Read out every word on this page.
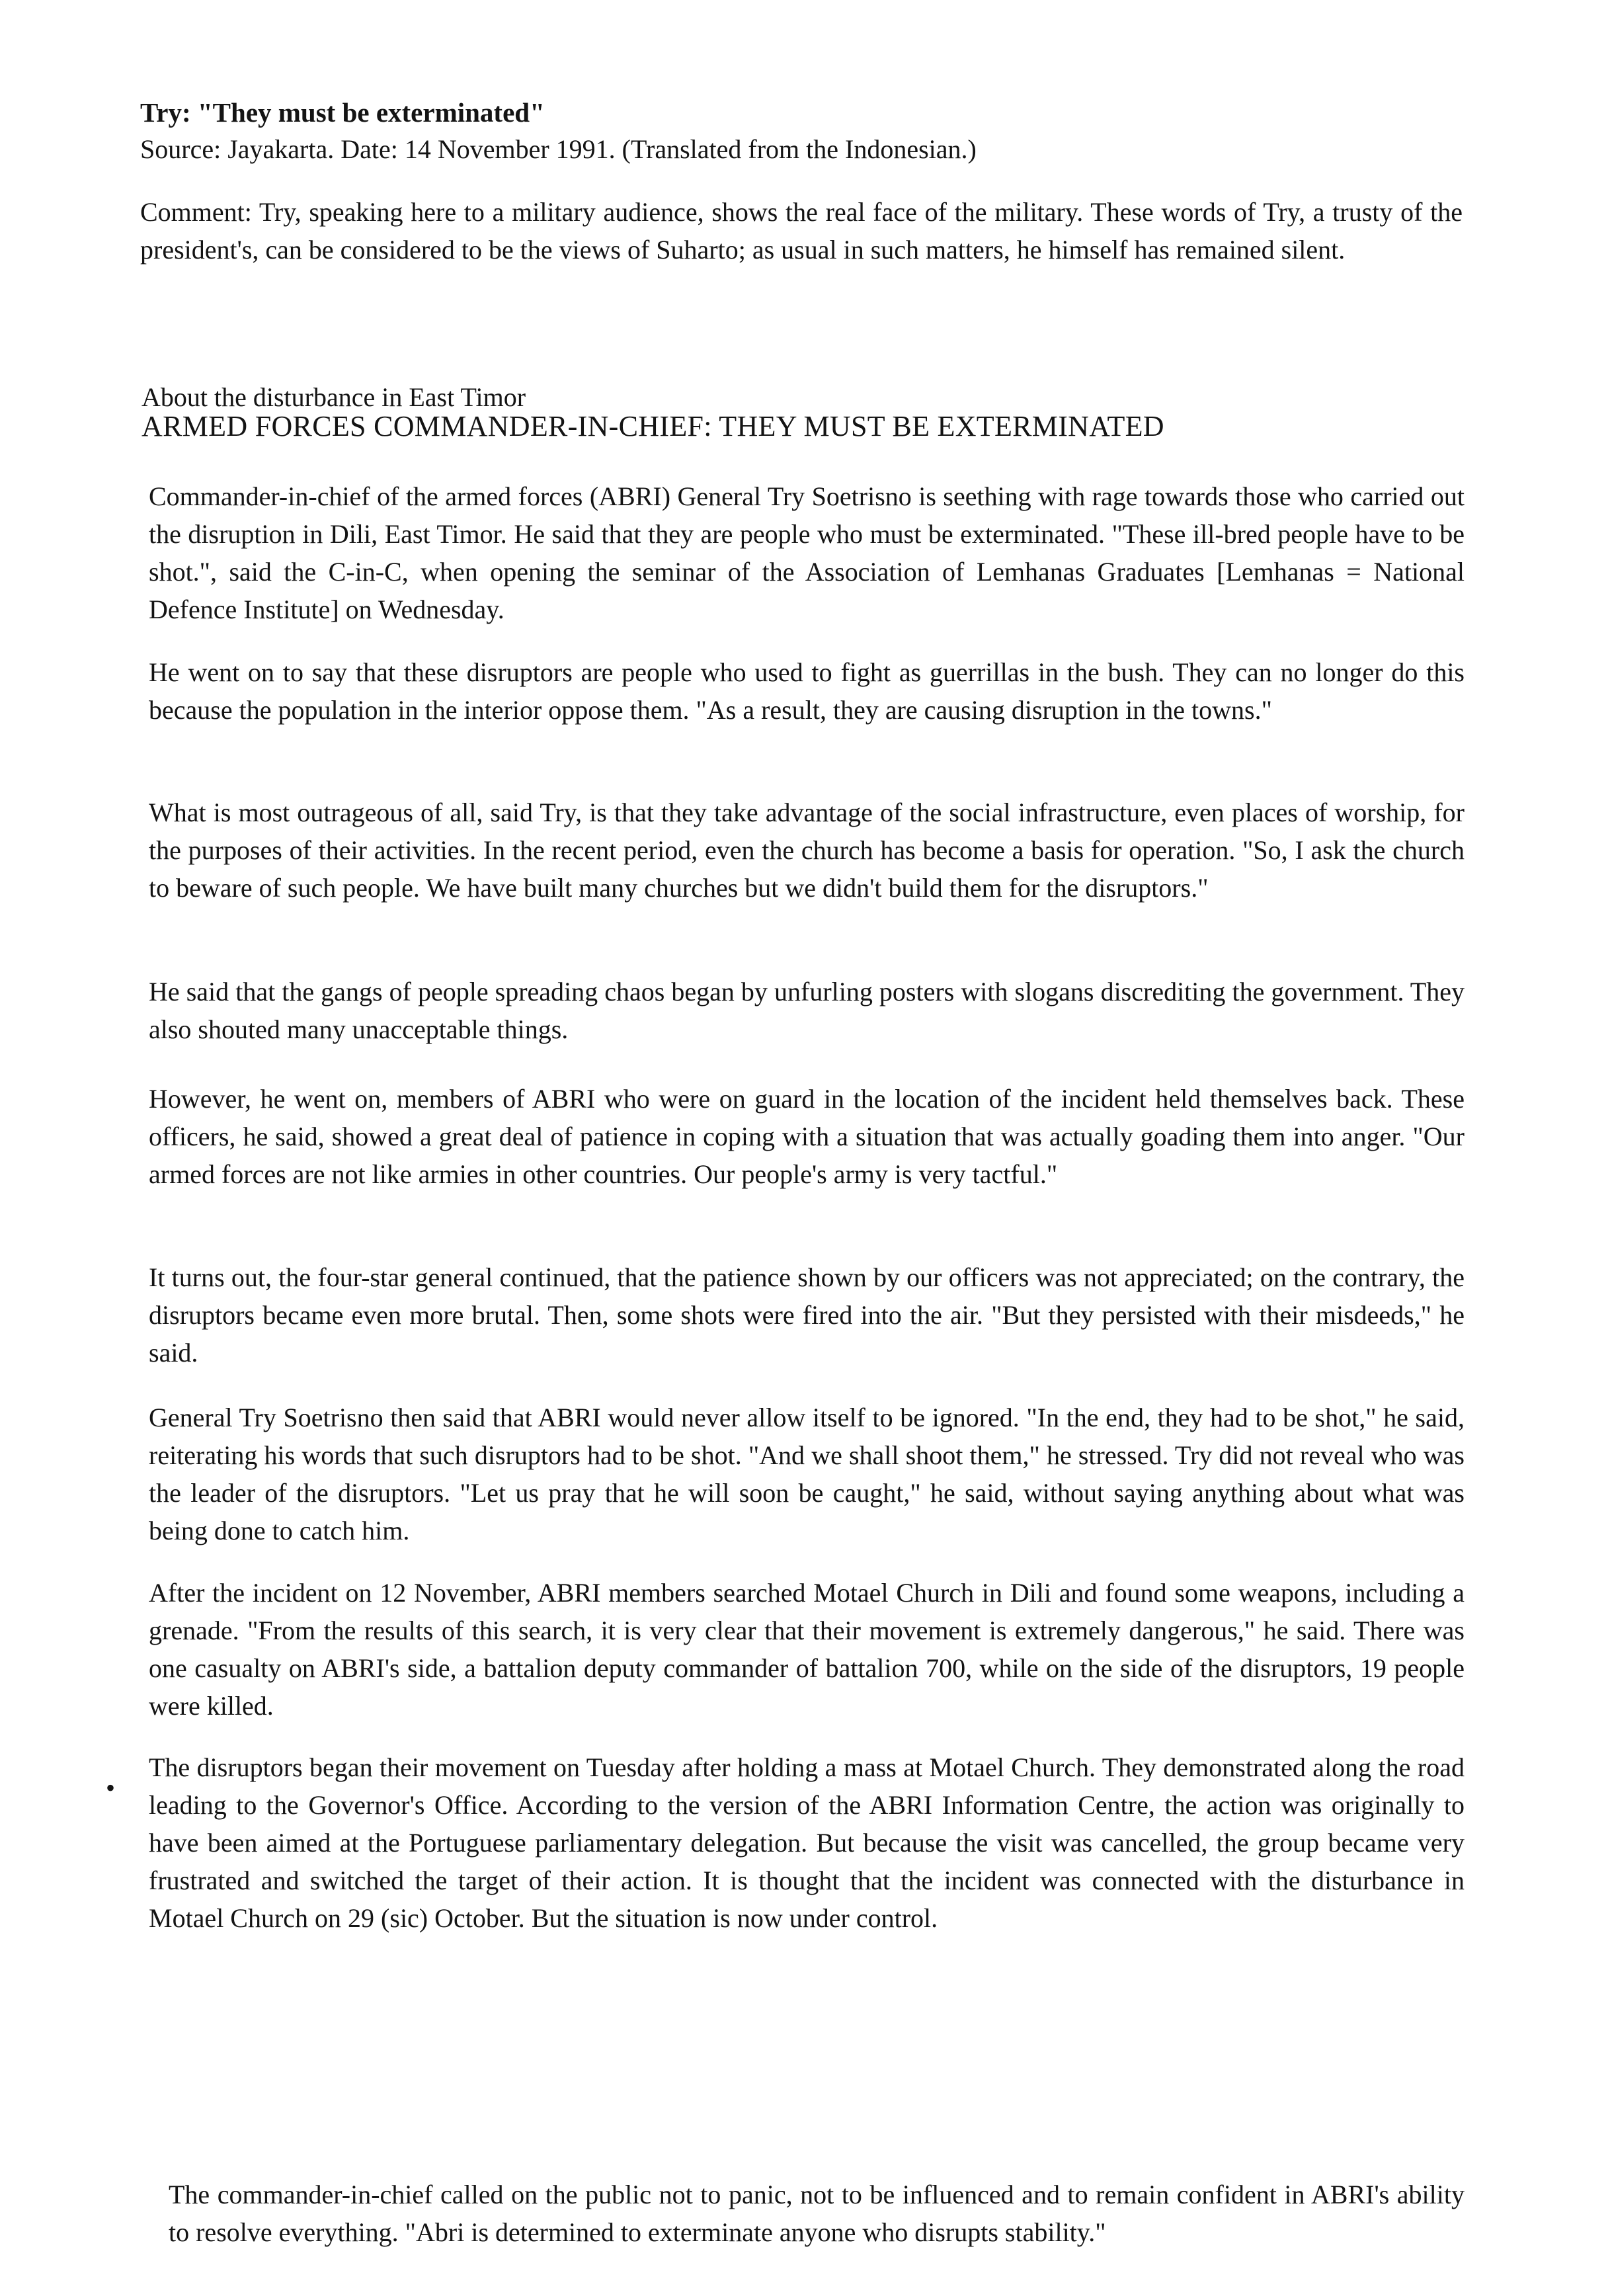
Try: "They must be exterminated"

Source: Jayakarta. Date: 14 November 1991. (Translated from the Indonesian.)

Comment: Try, speaking here to a military audience, shows the real face of the military. These words of Try, a trusty of the president's, can be considered to be the views of Suharto; as usual in such matters, he himself has remained silent.

About the disturbance in East Timor

ARMED FORCES COMMANDER-IN-CHIEF: THEY MUST BE EXTERMINATED

Commander-in-chief of the armed forces (ABRI) General Try Soetrisno is seething with rage towards those who carried out the disruption in Dili, East Timor. He said that they are people who must be exterminated. "These ill-bred people have to be shot.", said the C-in-C, when opening the seminar of the Association of Lemhanas Graduates [Lemhanas = National Defence Institute] on Wednesday.

He went on to say that these disruptors are people who used to fight as guerrillas in the bush. They can no longer do this because the population in the interior oppose them. "As a result, they are causing disruption in the towns."

What is most outrageous of all, said Try, is that they take advantage of the social infrastructure, even places of worship, for the purposes of their activities. In the recent period, even the church has become a basis for operation. "So, I ask the church to beware of such people. We have built many churches but we didn't build them for the disruptors."

He said that the gangs of people spreading chaos began by unfurling posters with slogans discrediting the government. They also shouted many unacceptable things.

However, he went on, members of ABRI who were on guard in the location of the incident held themselves back. These officers, he said, showed a great deal of patience in coping with a situation that was actually goading them into anger. "Our armed forces are not like armies in other countries. Our people's army is very tactful."

It turns out, the four-star general continued, that the patience shown by our officers was not appreciated; on the contrary, the disruptors became even more brutal. Then, some shots were fired into the air. "But they persisted with their misdeeds," he said.

General Try Soetrisno then said that ABRI would never allow itself to be ignored. "In the end, they had to be shot," he said, reiterating his words that such disruptors had to be shot. "And we shall shoot them," he stressed. Try did not reveal who was the leader of the disruptors. "Let us pray that he will soon be caught," he said, without saying anything about what was being done to catch him.

After the incident on 12 November, ABRI members searched Motael Church in Dili and found some weapons, including a grenade. "From the results of this search, it is very clear that their movement is extremely dangerous," he said. There was one casualty on ABRI's side, a battalion deputy commander of battalion 700, while on the side of the disruptors, 19 people were killed.

•

The disruptors began their movement on Tuesday after holding a mass at Motael Church. They demonstrated along the road leading to the Governor's Office. According to the version of the ABRI Information Centre, the action was originally to have been aimed at the Portuguese parliamentary delegation. But because the visit was cancelled, the group became very frustrated and switched the target of their action. It is thought that the incident was connected with the disturbance in Motael Church on 29 (sic) October. But the situation is now under control.

The commander-in-chief called on the public not to panic, not to be influenced and to remain confident in ABRI's ability to resolve everything. "Abri is determined to exterminate anyone who disrupts stability."
